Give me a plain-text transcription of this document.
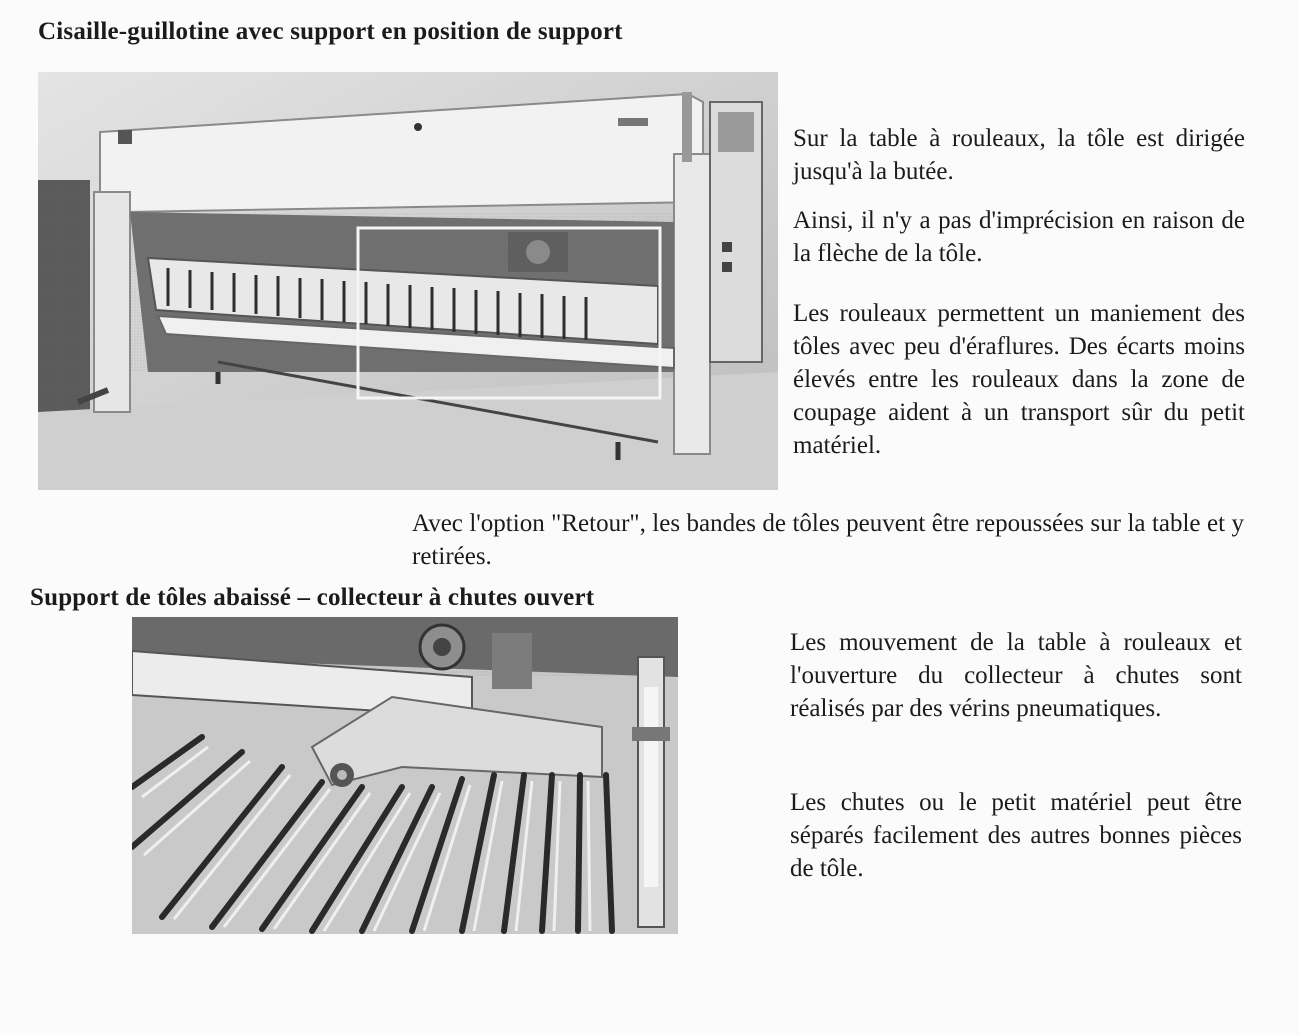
Cisaille-guillotine avec support en position de support
Sur la table à rouleaux, la tôle est dirigée jusqu'à la butée.
Ainsi, il n'y a pas d'imprécision en raison de la flèche de la tôle.
Les rouleaux permettent un maniement des tôles avec peu d'éraflures. Des écarts moins élevés entre les rouleaux dans la zone de coupage aident à un transport sûr du petit matériel.
Avec l'option "Retour", les bandes de tôles peuvent être repoussées sur la table et y retirées.
Support de tôles abaissé – collecteur à chutes ouvert
Les mouvement de la table à rouleaux et l'ouverture du collecteur à chutes sont réalisés par des vérins pneumatiques.
Les chutes ou le petit matériel peut être séparés facilement des autres bonnes pièces de tôle.
